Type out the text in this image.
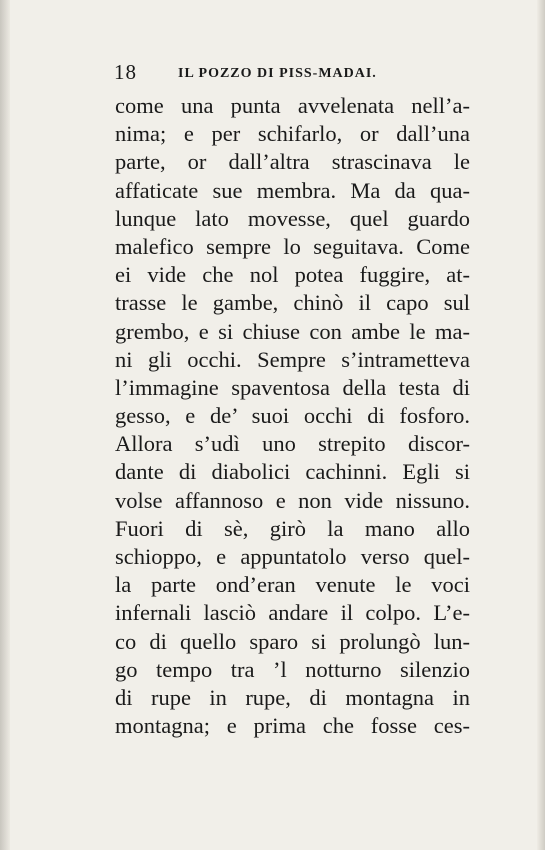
18	IL POZZO DI PISS-MADAI.
come una punta avvelenata nell’a-
nima; e per schifarlo, or dall’una
parte, or dall’altra strascinava le
affaticate sue membra. Ma da qua-
lunque lato movesse, quel guardo
malefico sempre lo seguitava. Come
ei vide che nol potea fuggire, at-
trasse le gambe, chinò il capo sul
grembo, e si chiuse con ambe le ma-
ni gli occhi. Sempre s’intrametteva
l’immagine spaventosa della testa di
gesso, e de’ suoi occhi di fosforo.
Allora s’udì uno strepito discor-
dante di diabolici cachinni. Egli si
volse affannoso e non vide nissuno.
Fuori di sè, girò la mano allo
schioppo, e appuntatolo verso quel-
la parte ond’eran venute le voci
infernali lasciò andare il colpo. L’e-
co di quello sparo si prolungò lun-
go tempo tra ’l notturno silenzio
di rupe in rupe, di montagna in
montagna; e prima che fosse ces-
